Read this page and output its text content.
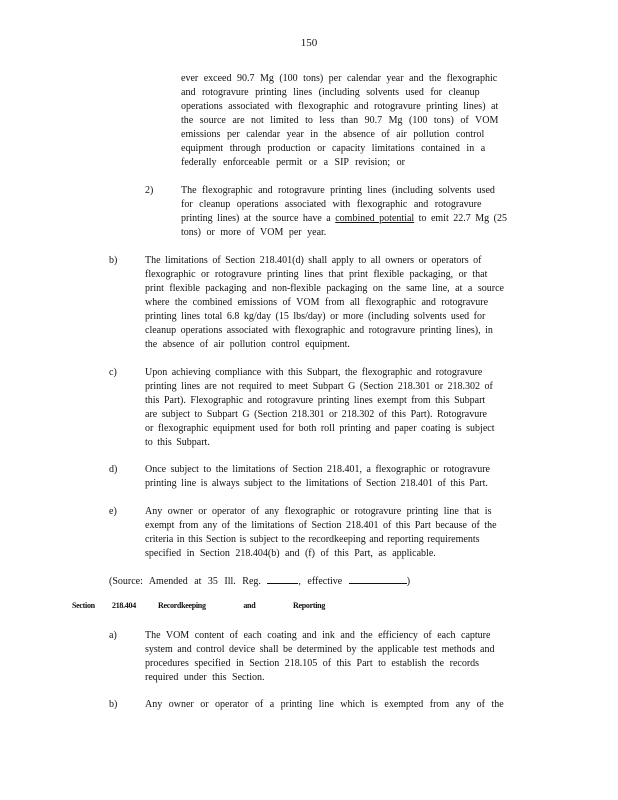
150
ever exceed 90.7 Mg (100 tons) per calendar year and the flexographic
and rotogravure printing lines (including solvents used for cleanup
operations associated with flexographic and rotogravure printing lines) at
the source are not limited to less than 90.7 Mg (100 tons) of VOM
emissions per calendar year in the absence of air pollution control
equipment through production or capacity limitations contained in a
federally enforceable permit or a SIP revision; or
2)	The flexographic and rotogravure printing lines (including solvents used
for cleanup operations associated with flexographic and rotogravure
printing lines) at the source have a combined potential to emit 22.7 Mg (25
tons) or more of VOM per year.
b)	The limitations of Section 218.401(d) shall apply to all owners or operators of
flexographic or rotogravure printing lines that print flexible packaging, or that
print flexible packaging and non-flexible packaging on the same line, at a source
where the combined emissions of VOM from all flexographic and rotogravure
printing lines total 6.8 kg/day (15 lbs/day) or more (including solvents used for
cleanup operations associated with flexographic and rotogravure printing lines), in
the absence of air pollution control equipment.
c)	Upon achieving compliance with this Subpart, the flexographic and rotogravure
printing lines are not required to meet Subpart G (Section 218.301 or 218.302 of
this Part). Flexographic and rotogravure printing lines exempt from this Subpart
are subject to Subpart G (Section 218.301 or 218.302 of this Part). Rotogravure
or flexographic equipment used for both roll printing and paper coating is subject
to this Subpart.
d)	Once subject to the limitations of Section 218.401, a flexographic or rotogravure
printing line is always subject to the limitations of Section 218.401 of this Part.
e)	Any owner or operator of any flexographic or rotogravure printing line that is
exempt from any of the limitations of Section 218.401 of this Part because of the
criteria in this Section is subject to the recordkeeping and reporting requirements
specified in Section 218.404(b) and (f) of this Part, as applicable.
(Source: Amended at 35 Ill. Reg.	, effective	)
Section 218.404	Recordkeeping and Reporting
a)	The VOM content of each coating and ink and the efficiency of each capture
system and control device shall be determined by the applicable test methods and
procedures specified in Section 218.105 of this Part to establish the records
required under this Section.
b)	Any owner or operator of a printing line which is exempted from any of the
